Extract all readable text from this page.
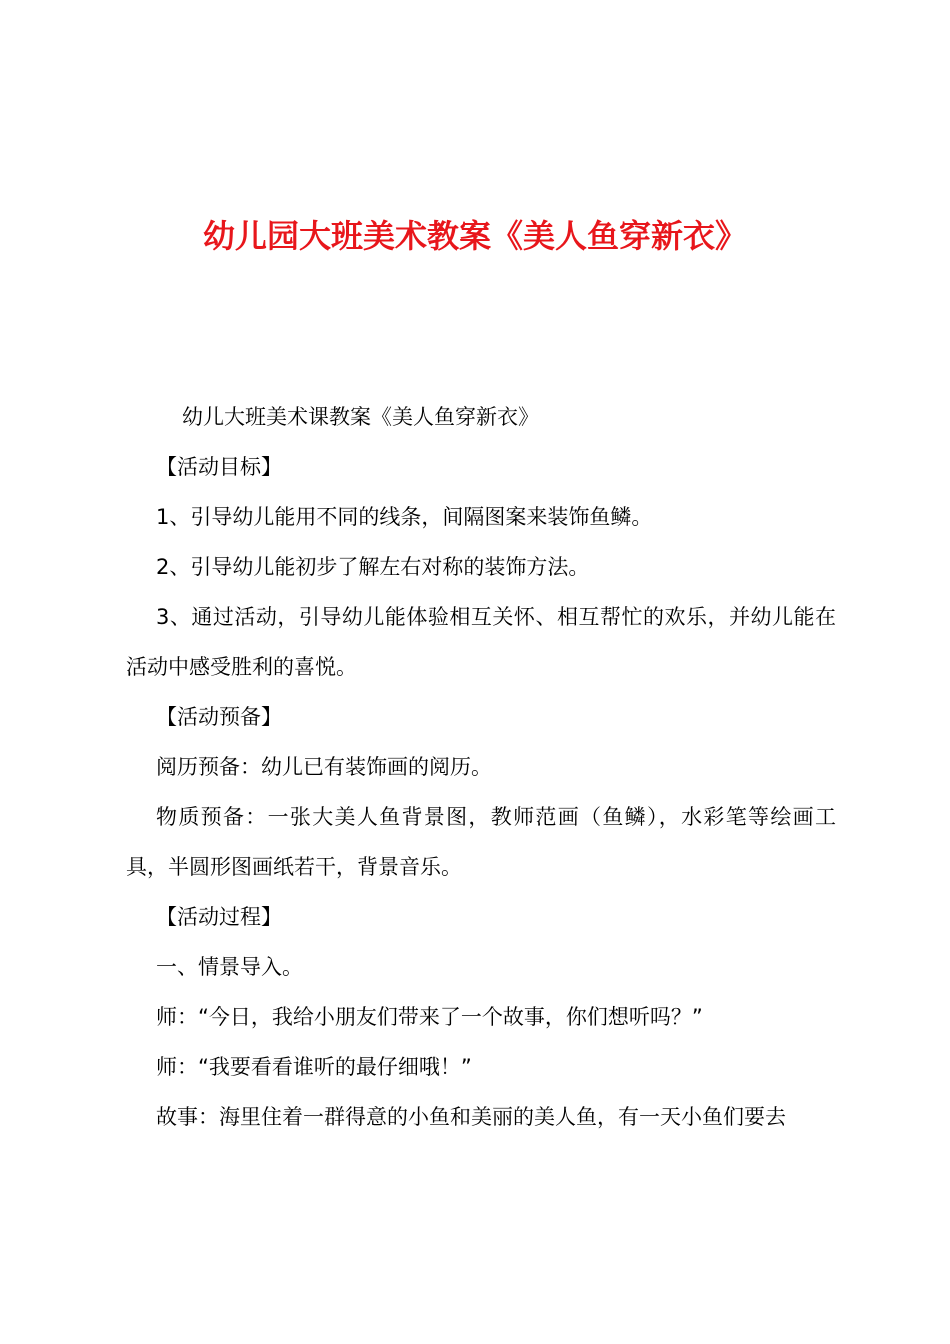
幼儿园大班美术教案《美人鱼穿新衣》

幼儿大班美术课教案《美人鱼穿新衣》

【活动目标】

1、引导幼儿能用不同的线条，间隔图案来装饰鱼鳞。

2、引导幼儿能初步了解左右对称的装饰方法。

3、通过活动，引导幼儿能体验相互关怀、相互帮忙的欢乐，并幼儿能在活动中感受胜利的喜悦。

【活动预备】

阅历预备：幼儿已有装饰画的阅历。

物质预备：一张大美人鱼背景图，教师范画（鱼鳞），水彩笔等绘画工具，半圆形图画纸若干，背景音乐。

【活动过程】

一、情景导入。

师：“今日，我给小朋友们带来了一个故事，你们想听吗？”

师：“我要看看谁听的最仔细哦！”

故事：海里住着一群得意的小鱼和美丽的美人鱼，有一天小鱼们要去
